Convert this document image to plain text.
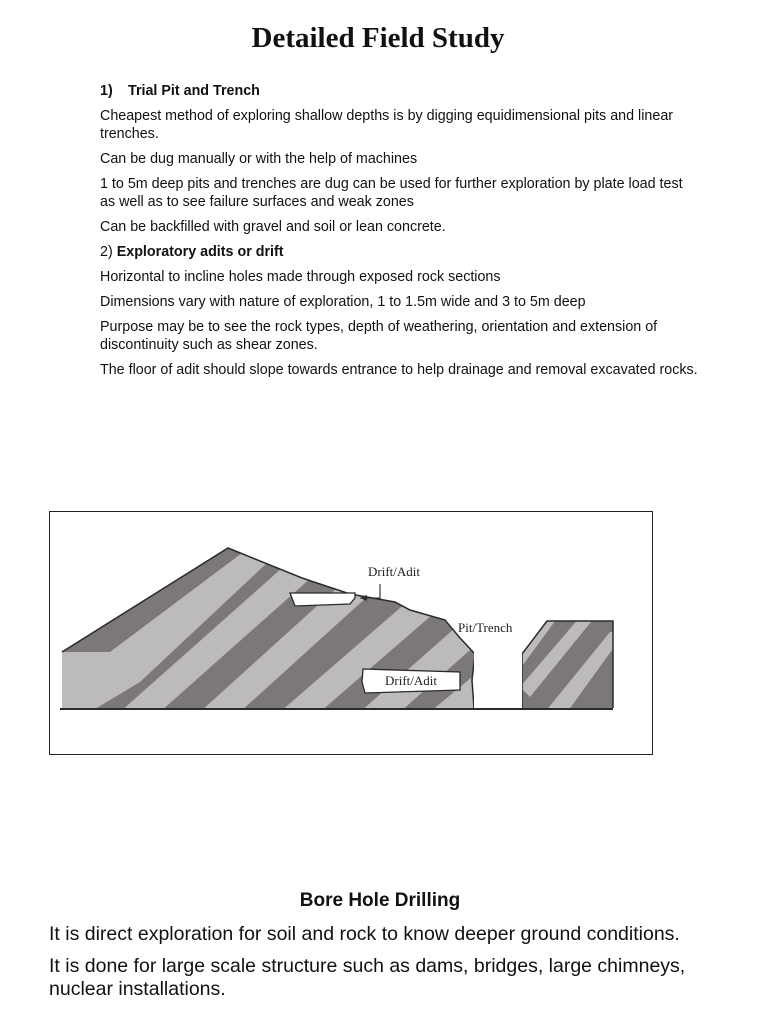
Detailed Field Study

1) Trial Pit and Trench

Cheapest method of exploring shallow depths is by digging equidimensional pits and linear trenches.

Can be dug manually or with the help of machines

1 to 5m deep pits and trenches are dug can be used for further exploration by plate load test as well as to see failure surfaces and weak zones

Can be backfilled with gravel and soil or lean concrete.

2) Exploratory adits or drift

Horizontal to incline holes made through exposed rock sections

Dimensions vary with nature of exploration, 1 to 1.5m wide and 3 to 5m deep

Purpose may be to see the rock types, depth of weathering, orientation and extension of discontinuity such as shear zones.

The floor of adit should slope towards entrance to help drainage and removal excavated rocks.

Drift/Adit
Pit/Trench
Drift/Adit
Bore Hole Drilling

It is direct exploration for soil and rock to know deeper ground conditions.

It is done for large scale structure such as dams, bridges, large chimneys, nuclear installations.
